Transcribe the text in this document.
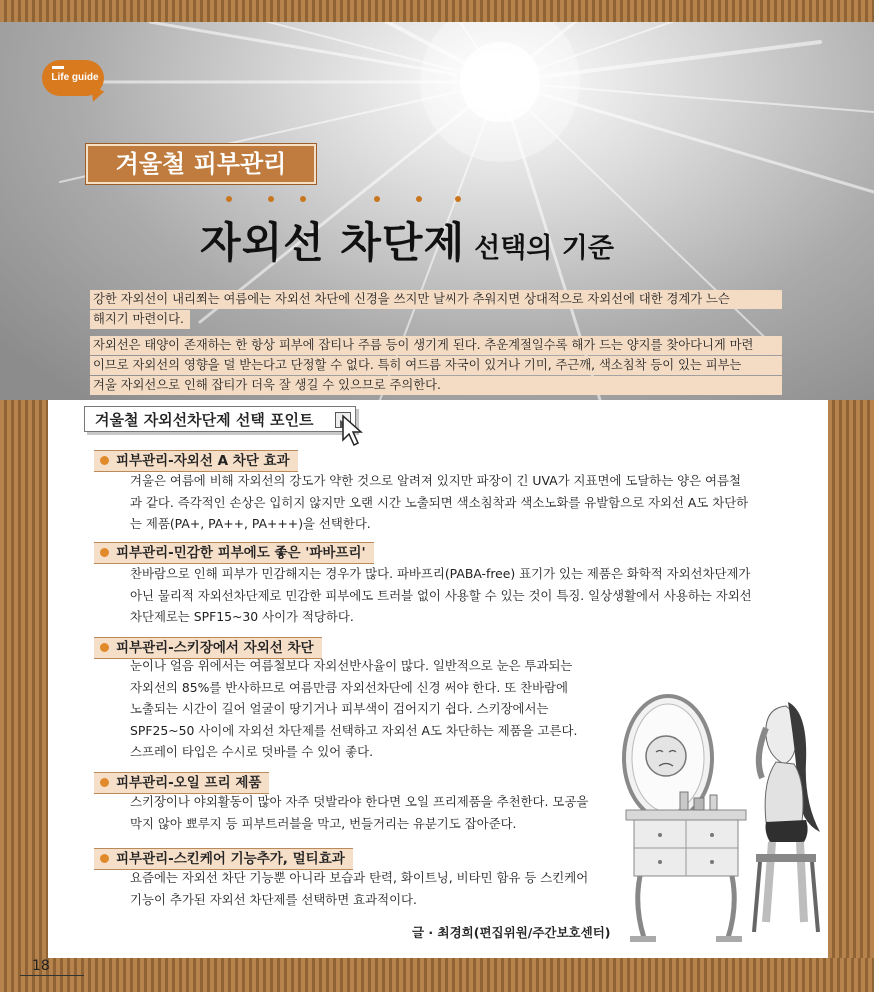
Life guide
겨울철 피부관리
자외선 차단제 선택의 기준
강한 자외선이 내리쬐는 여름에는 자외선 차단에 신경을 쓰지만 날씨가 추워지면 상대적으로 자외선에 대한 경계가 느슨
해지기 마련이다.
자외선은 태양이 존재하는 한 항상 피부에 잡티나 주름 등이 생기게 된다. 추운계절일수록 해가 드는 양지를 찾아다니게 마련
이므로 자외선의 영향을 덜 받는다고 단정할 수 없다. 특히 여드름 자국이 있거나 기미, 주근깨, 색소침착 등이 있는 피부는
겨울 자외선으로 인해 잡티가 더욱 잘 생길 수 있으므로 주의한다.
겨울철 자외선차단제 선택 포인트
피부관리-자외선 A 차단 효과
겨울은 여름에 비해 자외선의 강도가 약한 것으로 알려져 있지만 파장이 긴 UVA가 지표면에 도달하는 양은 여름철
과 같다. 즉각적인 손상은 입히지 않지만 오랜 시간 노출되면 색소침착과 색소노화를 유발함으로 자외선 A도 차단하
는 제품(PA+, PA++, PA+++)을 선택한다.
피부관리-민감한 피부에도 좋은 '파바프리'
찬바람으로 인해 피부가 민감해지는 경우가 많다. 파바프리(PABA-free) 표기가 있는 제품은 화학적 자외선차단제가
아닌 물리적 자외선차단제로 민감한 피부에도 트러블 없이 사용할 수 있는 것이 특징. 일상생활에서 사용하는 자외선
차단제로는 SPF15~30 사이가 적당하다.
피부관리-스키장에서 자외선 차단
눈이나 얼음 위에서는 여름철보다 자외선반사율이 많다. 일반적으로 눈은 투과되는
자외선의 85%를 반사하므로 여름만큼 자외선차단에 신경 써야 한다. 또 찬바람에
노출되는 시간이 길어 얼굴이 땅기거나 피부색이 검어지기 쉽다. 스키장에서는
SPF25~50 사이에 자외선 차단제를 선택하고 자외선 A도 차단하는 제품을 고른다.
스프레이 타입은 수시로 덧바를 수 있어 좋다.
피부관리-오일 프리 제품
스키장이나 야외활동이 많아 자주 덧발라야 한다면 오일 프리제품을 추천한다. 모공을
막지 않아 뾰루지 등 피부트러블을 막고, 번들거리는 유분기도 잡아준다.
피부관리-스킨케어 기능추가, 멀티효과
요즘에는 자외선 차단 기능뿐 아니라 보습과 탄력, 화이트닝, 비타민 함유 등 스킨케어
기능이 추가된 자외선 차단제를 선택하면 효과적이다.
글 · 최경희(편집위원/주간보호센터)
18
